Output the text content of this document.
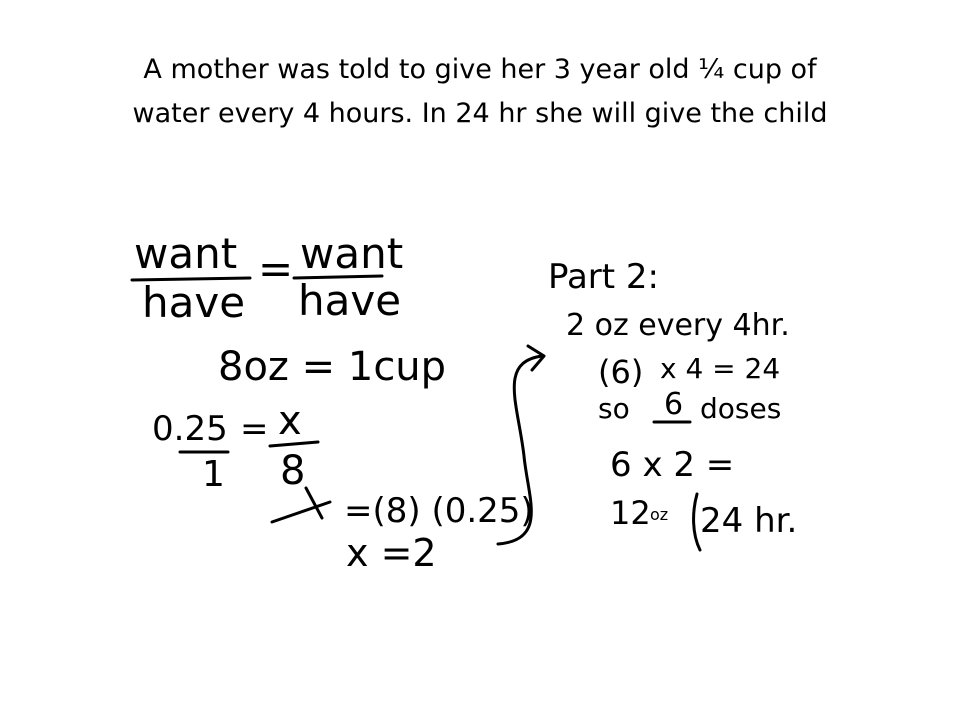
A mother was told to give her 3 year old ¼ cup of
water every 4 hours. In 24 hr she will give the child
want
have
= want
have
8oz = 1cup
0.25 = x
1 8
=(8) (0.25)
x =2
Part 2:
2 oz every 4hr.
(6) x 4 = 24
so 6 doses
6 x 2 =
12 oz 24 hr.
